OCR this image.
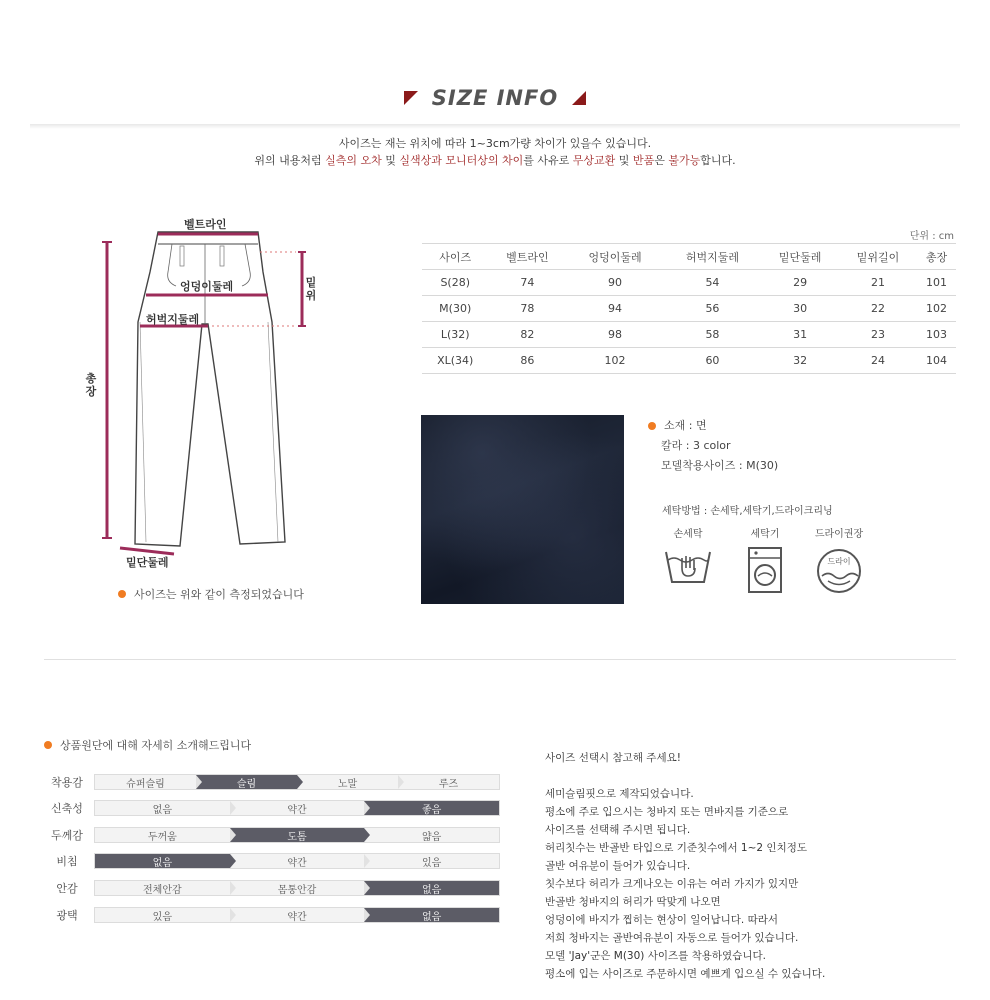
SIZE INFO
사이즈는 재는 위치에 따라 1~3cm가량 차이가 있을수 있습니다.
위의 내용처럼 실측의 오차 및 실색상과 모니터상의 차이를 사유로 무상교환 및 반품은 불가능합니다.
벨트라인
엉덩이둘레
허벅지둘레
밑단둘레
밑위
총장
사이즈는 위와 같이 측정되었습니다
단위 : cm
사이즈	벨트라인	엉덩이둘레	허벅지둘레	밑단둘레	밑위길이	총장
S(28)	74	90	54	29	21	101
M(30)	78	94	56	30	22	102
L(32)	82	98	58	31	23	103
XL(34)	86	102	60	32	24	104
소재 : 면
칼라 : 3 color
모델착용사이즈 : M(30)
세탁방법 : 손세탁,세탁기,드라이크리닝
손세탁	세탁기	드라이권장
드라이
상품원단에 대해 자세히 소개해드립니다
착용감	슈퍼슬림	슬림	노말	루즈
신축성	없음	약간	좋음
두께감	두꺼움	도톰	얇음
비침	없음	약간	있음
안감	전체안감	몸통안감	없음
광택	있음	약간	없음

사이즈 선택시 참고해 주세요!

세미슬림핏으로 제작되었습니다.

평소에 주로 입으시는 청바지 또는 면바지를 기준으로

사이즈를 선택해 주시면 됩니다.

허리칫수는 반골반 타입으로 기준칫수에서 1~2 인치정도

골반 여유분이 들어가 있습니다.

칫수보다 허리가 크게나오는 이유는 여러 가지가 있지만

반골반 청바지의 허리가 딱맞게 나오면

엉덩이에 바지가 찝히는 현상이 일어납니다. 따라서

저희 청바지는 골반여유분이 자동으로 들어가 있습니다.

모델 'Jay'군은 M(30) 사이즈를 착용하였습니다.

평소에 입는 사이즈로 주문하시면 예쁘게 입으실 수 있습니다.
